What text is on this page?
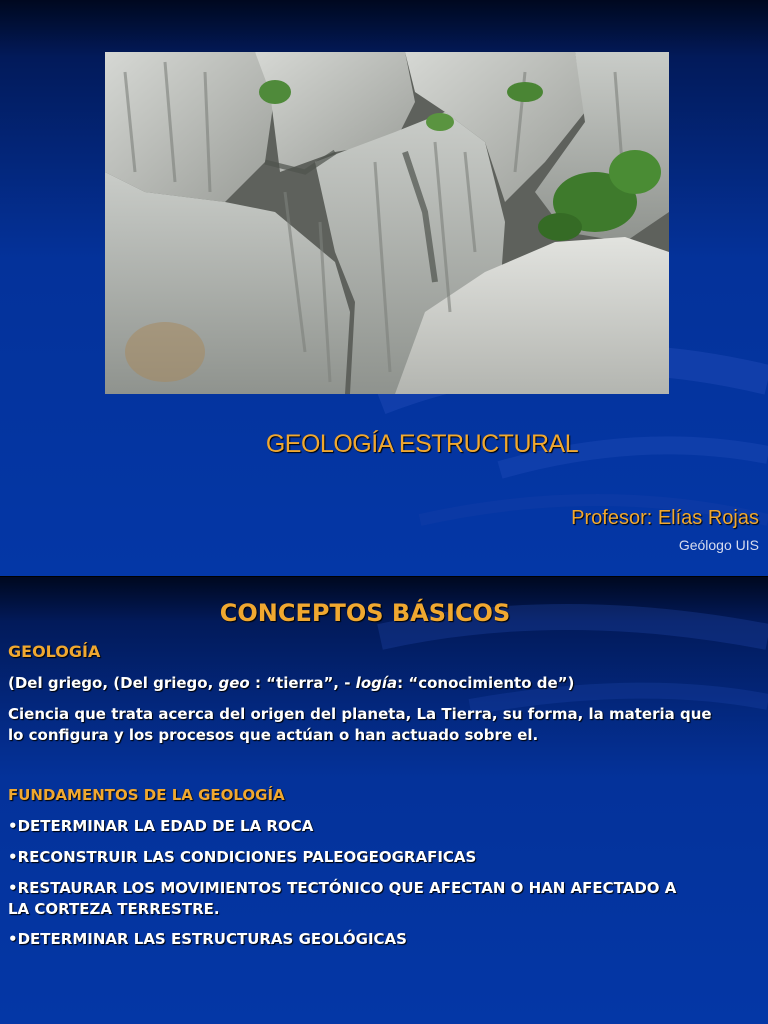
GEOLOGÍA ESTRUCTURAL
Profesor: Elías Rojas
Geólogo UIS
CONCEPTOS BÁSICOS
GEOLOGÍA
(Del griego, (Del griego, geo : “tierra”, - logía: “conocimiento de”)
Ciencia que trata acerca del origen del planeta, La Tierra, su forma, la materia que
lo configura y los procesos que actúan o han actuado sobre el.
FUNDAMENTOS DE LA GEOLOGÍA
•DETERMINAR LA EDAD DE LA ROCA
•RECONSTRUIR LAS CONDICIONES PALEOGEOGRAFICAS
•RESTAURAR LOS MOVIMIENTOS TECTÓNICO QUE AFECTAN O HAN AFECTADO A
LA CORTEZA TERRESTRE.
•DETERMINAR LAS ESTRUCTURAS GEOLÓGICAS
